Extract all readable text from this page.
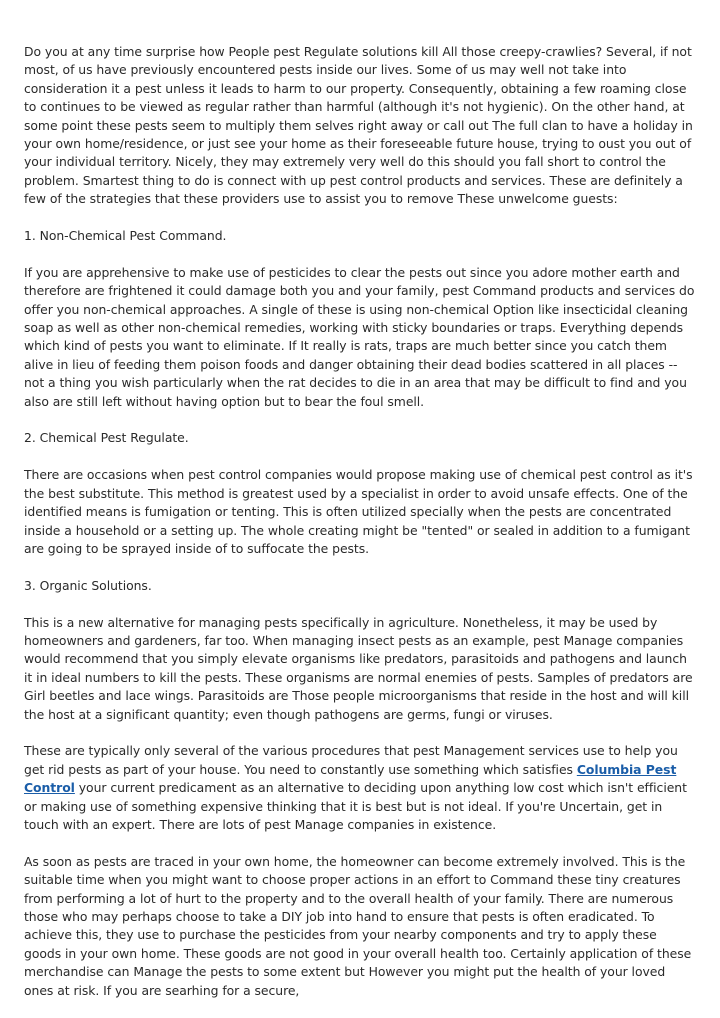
Do you at any time surprise how People pest Regulate solutions kill All those creepy-crawlies? Several, if not most, of us have previously encountered pests inside our lives. Some of us may well not take into consideration it a pest unless it leads to harm to our property. Consequently, obtaining a few roaming close to continues to be viewed as regular rather than harmful (although it's not hygienic). On the other hand, at some point these pests seem to multiply them selves right away or call out The full clan to have a holiday in your own home/residence, or just see your home as their foreseeable future house, trying to oust you out of your individual territory. Nicely, they may extremely very well do this should you fall short to control the problem. Smartest thing to do is connect with up pest control products and services. These are definitely a few of the strategies that these providers use to assist you to remove These unwelcome guests:

1. Non-Chemical Pest Command.

If you are apprehensive to make use of pesticides to clear the pests out since you adore mother earth and therefore are frightened it could damage both you and your family, pest Command products and services do offer you non-chemical approaches. A single of these is using non-chemical Option like insecticidal cleaning soap as well as other non-chemical remedies, working with sticky boundaries or traps. Everything depends which kind of pests you want to eliminate. If It really is rats, traps are much better since you catch them alive in lieu of feeding them poison foods and danger obtaining their dead bodies scattered in all places -- not a thing you wish particularly when the rat decides to die in an area that may be difficult to find and you also are still left without having option but to bear the foul smell.

2. Chemical Pest Regulate.

There are occasions when pest control companies would propose making use of chemical pest control as it's the best substitute. This method is greatest used by a specialist in order to avoid unsafe effects. One of the identified means is fumigation or tenting. This is often utilized specially when the pests are concentrated inside a household or a setting up. The whole creating might be "tented" or sealed in addition to a fumigant are going to be sprayed inside of to suffocate the pests.

3. Organic Solutions.

This is a new alternative for managing pests specifically in agriculture. Nonetheless, it may be used by homeowners and gardeners, far too. When managing insect pests as an example, pest Manage companies would recommend that you simply elevate organisms like predators, parasitoids and pathogens and launch it in ideal numbers to kill the pests. These organisms are normal enemies of pests. Samples of predators are Girl beetles and lace wings. Parasitoids are Those people microorganisms that reside in the host and will kill the host at a significant quantity; even though pathogens are germs, fungi or viruses.

These are typically only several of the various procedures that pest Management services use to help you get rid pests as part of your house. You need to constantly use something which satisfies Columbia Pest Control your current predicament as an alternative to deciding upon anything low cost which isn't efficient or making use of something expensive thinking that it is best but is not ideal. If you're Uncertain, get in touch with an expert. There are lots of pest Manage companies in existence.

As soon as pests are traced in your own home, the homeowner can become extremely involved. This is the suitable time when you might want to choose proper actions in an effort to Command these tiny creatures from performing a lot of hurt to the property and to the overall health of your family. There are numerous those who may perhaps choose to take a DIY job into hand to ensure that pests is often eradicated. To achieve this, they use to purchase the pesticides from your nearby components and try to apply these goods in your own home. These goods are not good in your overall health too. Certainly application of these merchandise can Manage the pests to some extent but However you might put the health of your loved ones at risk. If you are searhing for a secure,
